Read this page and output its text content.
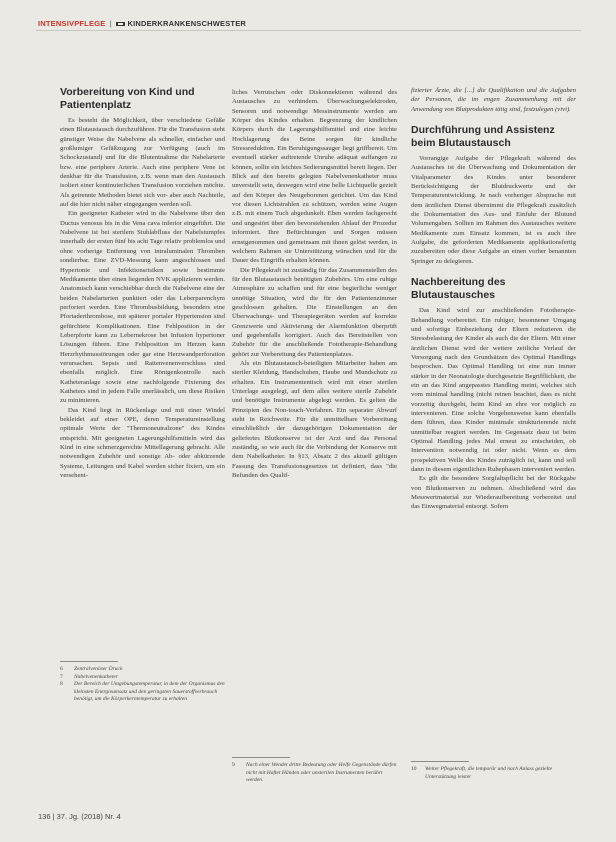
INTENSIVPFLEGE | KINDERKRANKENSCHWESTER
Vorbereitung von Kind und Patientenplatz

Es besteht die Möglichkeit, über verschiedene Gefäße einen Blutaustausch durchzuführen. Für die Transfusion steht günstiger Weise die Nabelvene als schneller, einfacher und großlumiger Gefäßzugang zur Verfügung (auch im Schockzustand) und für die Blutentnahme die Nabelarterie bzw. eine periphere Arterie. Auch eine periphere Vene ist denkbar für die Transfusion, z.B. wenn man den Austausch isoliert einer kontinuierlichen Transfusion vorziehen möchte. Als getrennte Methoden bietet sich vor- aber auch Nachteile, auf die hier nicht näher eingegangen werden soll.

Ein geeigneter Katheter wird in die Nabelvene über den Ductus venosus bis in die Vena cava inferior eingeführt. Die Nabelvene ist bei sterilem Stuhlabfluss der Nabelstumpfes innerhalb der ersten fünf bis acht Tage relativ problemlos und ohne vorherige Entfernung von intraluminalen Thromben sondierbar. Eine ZVD-Messung kann angeschlossen und Hypertonie und Infektionsrisiken sowie bestimmte Medikamente über einen liegenden NVK applizieren werden. Anatomisch kann verschiebbar durch die Nabelvene eine der beiden Nabelarterien punktiert oder das Leberparenchym perforiert werden. Eine Thrombusbildung, besonders eine Pfortaderthrombose, mit späterer portaler Hypertension sind gefürchtete Komplikationen. Eine Fehlposition in der Leberpforte kann zu Lebernekrose bei Infusion hypertoner Lösungen führen. Eine Fehlposition im Herzen kann Herzrhythmusstörungen oder gar eine Herzwandperforation verursachen. Sepsis und Rattenvenenverschluss sind ebenfalls möglich. Eine Röntgenkontrolle nach Katheteranlage sowie eine nachfolgende Fixierung des Katheters sind in jedem Falle unerlässlich, um diese Risiken zu minimieren.

Das Kind liegt in Rückenlage und mit einer Windel bekleidet auf einer OPE, deren Temperatureinstellung optimale Werte der "Thermoneutralzone" des Kindes entspricht. Mit geeigneten Lagerungshilfsmitteln wird das Kind in eine schmerzgerechte Mittellagerung gebracht. Alle notwendigen Zubehör und sonstige Ab- oder abkürzende Systeme, Leitungen und Kabel werden sicher fixiert, um ein versehent-

6	Zentralvenöser Druck
7	Nabelvenenkatheter
8	Der Bereich der Umgebungstemperatur, in dem der Organismus den kleinsten Energieumsatz und den geringsten Sauerstoffverbrauch benötigt, um die Körperkerntemperatur zu erhalten

liches Verrutschen oder Diskonnektieren während des Austausches zu verhindern. Überwachungselektroden, Sensoren und notwendige Messinstrumente werden am Körper des Kindes erhalten. Begrenzung der kindlichen Körpers durch die Lagerungshilfsmittel und eine leichte Hochlagerung des Beine sorgen für kindliche Stressreduktion. Ein Beruhigungssauger liegt griffbereit. Um eventuell stärker auftretende Unruhe adäquat auffangen zu können, sollte ein leichtes Sedierungsmittel bereit liegen. Der Blick auf den bereits gelegten Nabelvenenkatheter muss unverstellt sein, deswegen wird eine helle Lichtquelle gezielt auf den Körper des Neugeborenen gerichtet. Um das Kind vor diesen Lichtstrahlen zu schützen, werden seine Augen z.B. mit einem Tuch abgedunkelt. Eben werden fachgerecht und ungestört über den bevorstehenden Ablauf der Prozedur informiert. Ihre Befürchtungen und Sorgen müssen ernstgenommen und gemeinsam mit ihnen gelöst werden, in welchem Rahmen sie Unterstützung wünschen und für die Dauer des Eingriffs erhalten können.

Die Pflegekraft ist zuständig für das Zusammenstellen des für den Blutaustausch benötigten Zubehörs. Um eine ruhige Atmosphäre zu schaffen und für eine begierliche weniger unnötige Situation, wird die für den Patientenzimmer geschlossen gehalten. Die Einstellungen an den Überwachungs- und Therapiegeräten werden auf korrekte Grenzwerte und Aktivierung der Alarmfunktion überprüft und gegebenfalls korrigiert. Auch das Bereitstellen von Zubehör für die anschließende Fototherapie-Behandlung gehört zur Vorbereitung des Patientenplatzes.

Als ein Blutaustausch-beteiligten Mitarbeiter haben am steriler Kleidung, Handschuhen, Haube und Mundschutz zu erhalten. Ein Instrumententisch wird mit einer sterilen Unterlage ausgelegt, auf dem alles weitere sterile Zubehör und benötigte Instrumente abgelegt werden. Es gelten die Prinzipien des Non-touch-Verfahren. Ein separater Abwurf steht in Reichweite. Für die unmittelbare Vorbereitung einschließlich der dazugehörigen Dokumentation der geliefertes Blutkonserve ist der Arzt und das Personal zuständig, so wie auch für die Verbindung der Konserve mit dem Nabelkatheter. In §13, Absatz 2 des aktuell gültigen Fassung des Transfusionsgesetzes ist definiert, dass "die Befunden des Qualif-

9	Nach einer Wendet dritte Bedeutung oder Helfe Gegenstände dürfen nicht mit Haftet Händen oder unsterilen Instrumenten berührt werden.

fizierter Ärzte, die [...] die Qualifikation und die Aufgaben der Personen, die im engen Zusammenhang mit der Anwendung von Blutprodukten tätig sind, festzulegen (vivi).

Durchführung und Assistenz beim Blutaustausch

Vorrangige Aufgabe der Pflegekraft während des Austausches ist die Überwachung und Dokumentation der Vitalparameter des Kindes unter besonderer Berücksichtigung der Blutdruckwerte und der Temperaturentwicklung. Je nach vorheriger Absprache mit dem ärztlichen Dienst übernimmt die Pflegekraft zusätzlich die Dokumentation des Aus- und Einfuhr der Blutund Volumengaben. Sollten im Rahmen des Austausches weitere Medikamente zum Einsatz kommen, ist es auch ihre Aufgabe, die geforderten Medikamente applikationsfertig zuzubereiten oder diese Aufgabe an einen vorher benannten Springer zu delegieren.

Nachbereitung des Blutaustausches

Das Kind wird zur anschließenden Fototherapie-Behandlung vorbereitet. Ein ruhiger, besonnener Umgang und sofortige Einbeziehung der Eltern reduzieren die Stressbelastung der Kinder als auch die der Eltern. Mit einer ärztlichen Dienst wird der weitere zeitliche Verlauf der Versorgung nach den Grundsätzen des Optimal Handlings besprochen. Das Optimal Handling ist eine nun immer stärker in der Neonatologie durchgesetzte Begrifflichkeit, die ein an das Kind angepasstes Handling meint, welches sich vom minimal handling (nicht reinen beachtet, dass es nicht vorzeitig durchgeht, heim Kind an ehre vor möglich zu intervenieren. Eine solche Vorgehensweise kann ebenfalls dem führen, dass Kinder minimale strukturierende nicht unmittelbar reagiert werden. Im Gegensatz dazu ist beim Optimal Handling jedes Mal erneut zu entscheiden, ob Intervention notwendig ist oder nicht. Wenn es dem prospektiven Welle des Kindes zuträglich ist, kann und soll dann in diesem eigentlichen Ruhephasen interveniert werden.

Es gilt die besondere Sorgfaltspflicht bei der Rückgabe von Blutkonserven zu nehmen. Abschließend wird das Messwertmaterial zur Wiederaufbereitung vorbereitet und das Einwegmaterial entsorgt. Sofern

10	Weiter Pflegekraft, die temporär und nach Anlass gezielte Unterstützung leistet
136 | 37. Jg. (2018) Nr. 4
